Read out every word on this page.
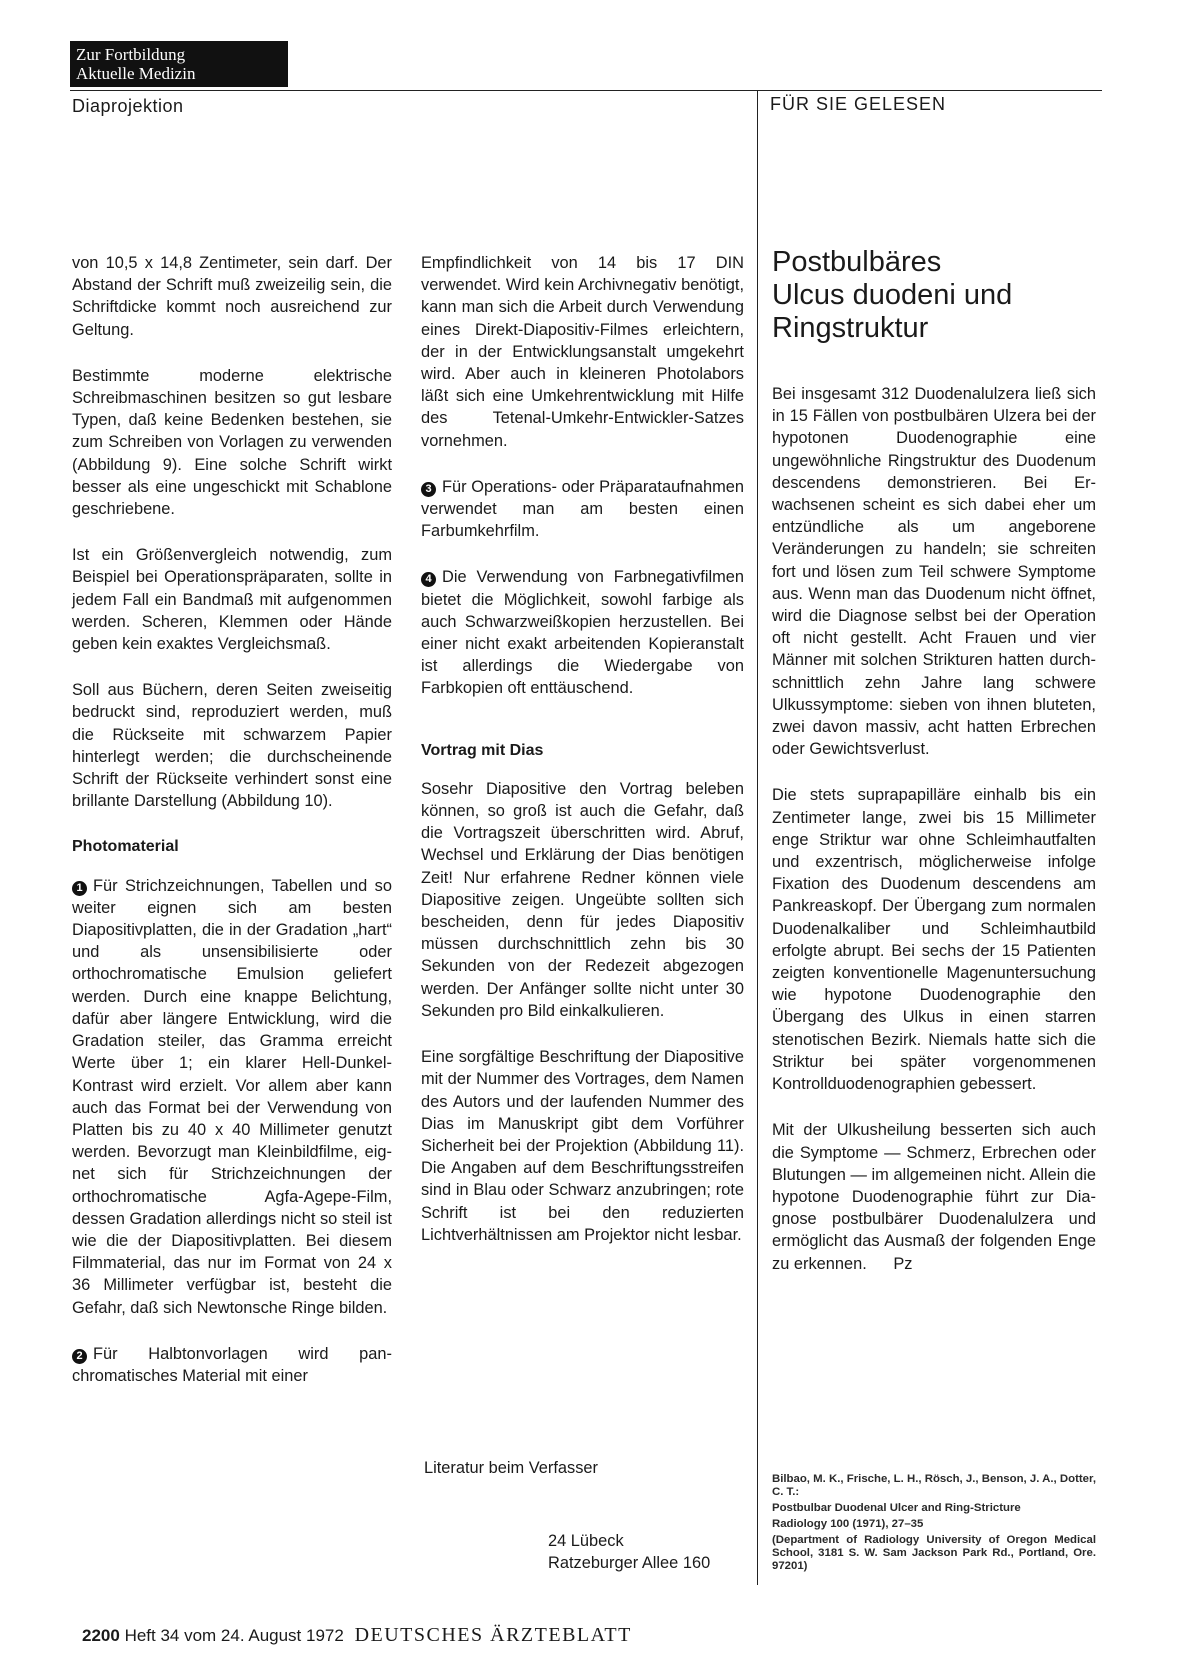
Zur Fortbildung
Aktuelle Medizin
Diaprojektion	FÜR SIE GELESEN

von 10,5 x 14,8 Zentimeter, sein darf. Der Abstand der Schrift muß zweizeilig sein, die Schriftdicke kommt noch ausreichend zur Geltung.

Bestimmte moderne elektrische Schreibmaschinen besitzen so gut lesbare Typen, daß keine Bedenken bestehen, sie zum Schreiben von Vorlagen zu verwenden (Abbildung 9). Eine solche Schrift wirkt besser als eine ungeschickt mit Schablone geschriebene.

Ist ein Größenvergleich notwendig, zum Beispiel bei Operationspräparaten, sollte in jedem Fall ein Bandmaß mit aufgenommen werden. Scheren, Klemmen oder Hände geben kein exaktes Vergleichsmaß.

Soll aus Büchern, deren Seiten zweiseitig bedruckt sind, reproduziert werden, muß die Rückseite mit schwarzem Papier hinterlegt werden; die durchscheinende Schrift der Rückseite verhindert sonst eine brillante Darstellung (Abbildung 10).

Photomaterial

1 Für Strichzeichnungen, Tabellen und so weiter eignen sich am besten Diapositivplatten, die in der Gradation „hart“ und als unsensibilisierte oder orthochromatische Emulsion geliefert werden. Durch eine knappe Belichtung, dafür aber längere Entwicklung, wird die Gradation steiler, das Gramma erreicht Werte über 1; ein klarer Hell-Dunkel-Kontrast wird erzielt. Vor allem aber kann auch das Format bei der Verwendung von Platten bis zu 40 x 40 Millimeter genutzt werden. Bevorzugt man Kleinbildfilme, eignet sich für Strichzeichnungen der orthochromatische Agfa-Agepe-Film, dessen Gradation allerdings nicht so steil ist wie die der Diapositivplatten. Bei diesem Filmmaterial, das nur im Format von 24 x 36 Millimeter verfügbar ist, besteht die Gefahr, daß sich Newtonsche Ringe bilden.

2 Für Halbtonvorlagen wird panchromatisches Material mit einer

Empfindlichkeit von 14 bis 17 DIN verwendet. Wird kein Archivnegativ benötigt, kann man sich die Arbeit durch Verwendung eines Direkt-Diapositiv-Filmes erleichtern, der in der Entwicklungsanstalt umgekehrt wird. Aber auch in kleineren Photolabors läßt sich eine Umkehrentwicklung mit Hilfe des Tetenal-Umkehr-Entwickler-Satzes vornehmen.

3 Für Operations- oder Präparataufnahmen verwendet man am besten einen Farbumkehrfilm.

4 Die Verwendung von Farbnegativfilmen bietet die Möglichkeit, sowohl farbige als auch Schwarzweißkopien herzustellen. Bei einer nicht exakt arbeitenden Kopieranstalt ist allerdings die Wiedergabe von Farbkopien oft enttäuschend.

Vortrag mit Dias

Sosehr Diapositive den Vortrag beleben können, so groß ist auch die Gefahr, daß die Vortragszeit überschritten wird. Abruf, Wechsel und Erklärung der Dias benötigen Zeit! Nur erfahrene Redner können viele Diapositive zeigen. Ungeübte sollten sich bescheiden, denn für jedes Diapositiv müssen durchschnittlich zehn bis 30 Sekunden von der Redezeit abgezogen werden. Der Anfänger sollte nicht unter 30 Sekunden pro Bild einkalkulieren.

Eine sorgfältige Beschriftung der Diapositive mit der Nummer des Vortrages, dem Namen des Autors und der laufenden Nummer des Dias im Manuskript gibt dem Vorführer Sicherheit bei der Projektion (Abbildung 11). Die Angaben auf dem Beschriftungsstreifen sind in Blau oder Schwarz anzubringen; rote Schrift ist bei den reduzierten Lichtverhältnissen am Projektor nicht lesbar.

Literatur beim Verfasser
24 Lübeck
Ratzeburger Allee 160
Postbulbäres
Ulcus duodeni und
Ringstruktur

Bei insgesamt 312 Duodenalulzera ließ sich in 15 Fällen von postbulbären Ulzera bei der hypotonen Duodenographie eine ungewöhnliche Ringstruktur des Duodenum descendens demonstrieren. Bei Erwachsenen scheint es sich dabei eher um entzündliche als um angeborene Veränderungen zu handeln; sie schreiten fort und lösen zum Teil schwere Symptome aus. Wenn man das Duodenum nicht öffnet, wird die Diagnose selbst bei der Operation oft nicht gestellt. Acht Frauen und vier Männer mit solchen Strikturen hatten durchschnittlich zehn Jahre lang schwere Ulkussymptome: sieben von ihnen bluteten, zwei davon massiv, acht hatten Erbrechen oder Gewichtsverlust.

Die stets suprapapilläre einhalb bis ein Zentimeter lange, zwei bis 15 Millimeter enge Striktur war ohne Schleimhautfalten und exzentrisch, möglicherweise infolge Fixation des Duodenum descendens am Pankreaskopf. Der Übergang zum normalen Duodenalkaliber und Schleimhautbild erfolgte abrupt. Bei sechs der 15 Patienten zeigten konventionelle Magenuntersuchung wie hypotone Duodenographie den Übergang des Ulkus in einen starren stenotischen Bezirk. Niemals hatte sich die Striktur bei später vorgenommenen Kontrollduodenographien gebessert.

Mit der Ulkusheilung besserten sich auch die Symptome — Schmerz, Erbrechen oder Blutungen — im allgemeinen nicht. Allein die hypotone Duodenographie führt zur Diagnose postbulbärer Duodenalulzera und ermöglicht das Ausmaß der folgenden Enge zu erkennen. Pz

Bilbao, M. K., Frische, L. H., Rösch, J., Benson, J. A., Dotter, C. T.:

Postbulbar Duodenal Ulcer and Ring-Stricture

Radiology 100 (1971), 27–35

(Department of Radiology University of Oregon Medical School, 3181 S. W. Sam Jackson Park Rd., Portland, Ore. 97201)

2200 Heft 34 vom 24. August 1972 DEUTSCHES ÄRZTEBLATT
